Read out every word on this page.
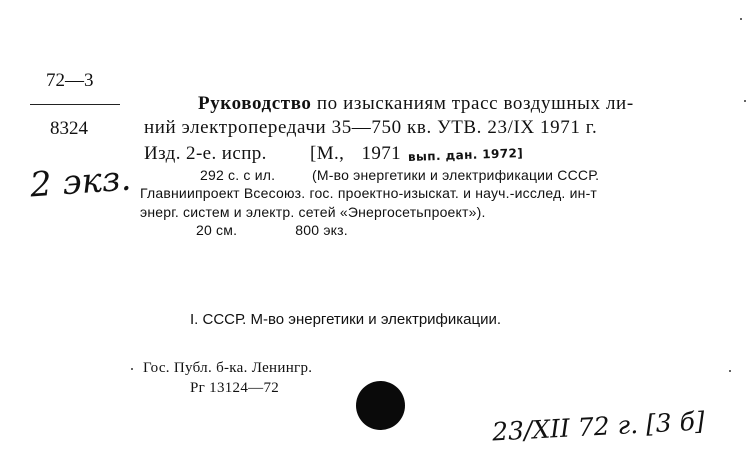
72—3
8324
2 экз.
Руководство по изысканиям трасс воздушных ли-
ний электропередачи 35—750 кв. УТВ. 23/IX 1971 г.
Изд. 2-е. испр. [М., 1971 вып. дан. 1972]
292 с. с ил.         (М-во энергетики и электрификации СССР.
Главниипроект Всесоюз. гос. проектно-изыскат. и науч.-исслед. ин-т
энерг. систем и электр. сетей «Энергосетьпроект»).
20 см.	800 экз.
I. СССР. М-во энергетики и электрификации.
Гос. Публ. б-ка. Ленингр.
Рг 13124—72
23/XII 72 г. [3 б]
